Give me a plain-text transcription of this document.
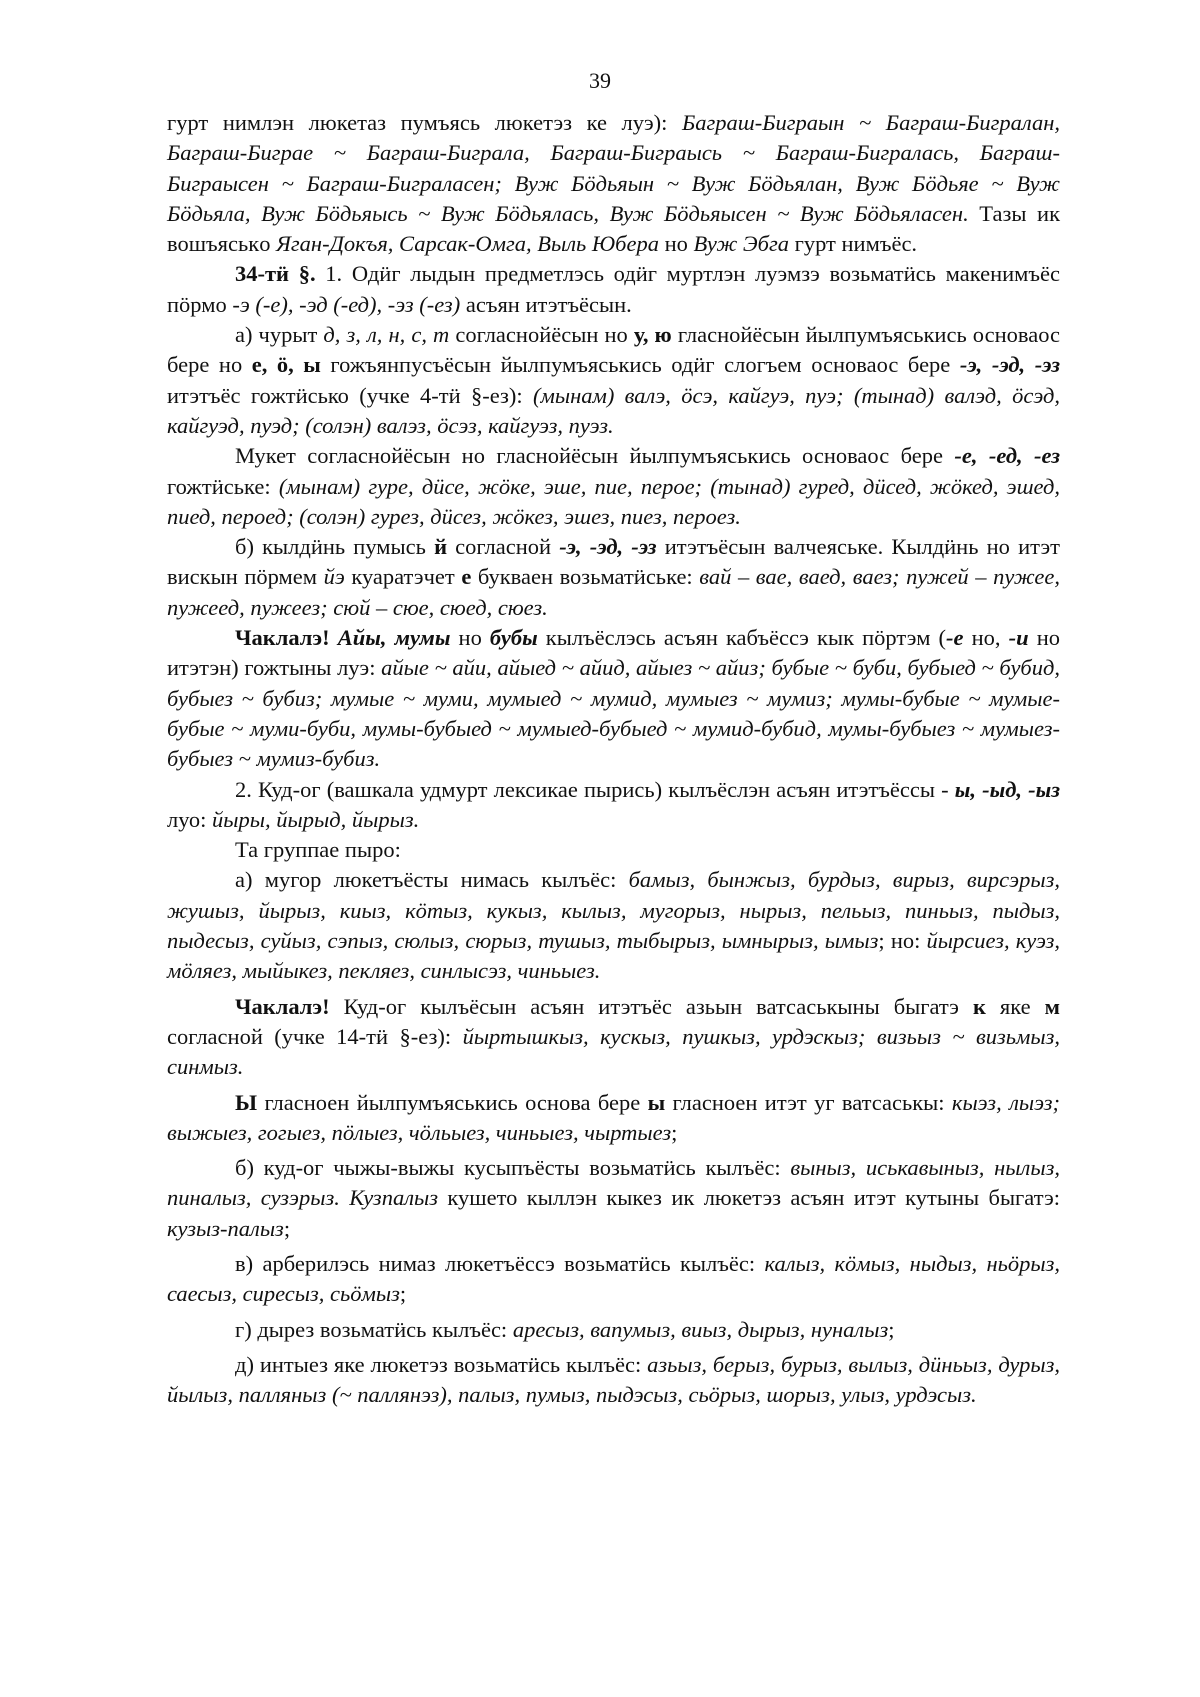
39

гурт нимлэн люкетаз пумъясь люкетэз ке луэ): Баграш-Биграын ~ Баграш-Бигралан, Баграш-Биграе ~ Баграш-Биграла, Баграш-Биграысь ~ Баграш-Бигралась, Баграш-Биграысен ~ Баграш-Бигралaсен; Вуж Бӧдьяын ~ Вуж Бӧдьялан, Вуж Бӧдьяе ~ Вуж Бӧдьяла, Вуж Бӧдьяысь ~ Вуж Бӧдьялась, Вуж Бӧдьяысен ~ Вуж Бӧдьяласен. Тазы ик вошъяськo Яган-Докъя, Сарсак-Омга, Выль Юбера но Вуж Эбга гурт нимъёс.

34-тӥ §. 1. Одӥг лыдын предметлэсь одӥг муртлэн луэмзэ возьматӥсь макенимъёс пӧрмо -э (-е), -эд (-ед), -эз (-ез) асъян итэтъёсын.

а) чурыт д, з, л, н, с, т согласнойёсын но у, ю гласнойёсын йылпумъяськись основаос бере но е, ӧ, ы гожъянпусъёсын йылпумъяськись одӥг слогъем основаос бере -э, -эд, -эз итэтъёс гожтӥсько (учке 4-тӥ §-ез): (мынам) валэ, ӧсэ, кайгуэ, пуэ; (тынад) валэд, ӧсэд, кайгуэд, пуэд; (солэн) валэз, ӧсэз, кайгуэз, пуэз.

Мукет согласнойёсын но гласнойёсын йылпумъяськись основаос бере -е, -ед, -ез гожтӥське: (мынам) гуре, дӥсе, жӧке, эше, пие, пероe; (тынад) гуред, дӥсед, жӧкед, эшед, пиед, пероед; (солэн) гурез, дӥсез, жӧкез, эшез, пиез, пероез.

б) кылдӥнь пумысь й согласной -э, -эд, -эз итэтъёсын валчеяське. Кылдӥнь но итэт вискын пӧрмем йэ куаратэчет е букваен возьматӥське: вай – вае, ваед, ваез; пужей – пужее, пужеед, пужеез; сюй – сюе, сюед, сюез.

Чаклалэ! Айы, мумы но бубы кылъёслэсь асъян кабъёссэ кык пӧртэм (-е но, -и но итэтэн) гожтыны луэ: айые ~ айи, айыед ~ айид, айыез ~ айиз; бубые ~ буби, бубыед ~ бубид, бубыез ~ бубиз; мумые ~ муми, мумыед ~ мумид, мумыез ~ мумиз; мумы-бубые ~ мумые-бубые ~ муми-буби, мумы-бубыед ~ мумыед-бубыед ~ мумид-бубид, мумы-бубыез ~ мумыез-бубыез ~ мумиз-бубиз.

2. Куд-ог (вашкала удмурт лексикае пырись) кылъёслэн асъян итэтъёссы - ы, -ыд, -ыз луо: йыры, йырыд, йырыз.

Та группае пыро:

а) мугор люкетъёсты нимась кылъёс: бамыз, бынжыз, бурдыз, вирыз, вирсэрыз, жушыз, йырыз, киыз, кӧтыз, кукыз, кылыз, мугорыз, нырыз, пельыз, пиньыз, пыдыз, пыдесыз, суйыз, сэпыз, сюлыз, сюрыз, тушыз, тыбырыз, ымнырыз, ымыз; но: йырсиез, куэз, мӧляез, мыйыкез, пекляез, синлысэз, чиньыез.

Чаклалэ! Куд-ог кылъёсын асъян итэтъёс азьын ватсаськыны быгатэ к яке м согласной (учке 14-тӥ §-ез): йыртышкыз, кускыз, пушкыз, урдэскыз; визьыз ~ визьмыз, синмыз.

Ы гласноен йылпумъяськись основа бере ы гласноен итэт уг ватсаськы: кыэз, лыэз; выжыез, гогыез, пӧлыез, чӧльыез, чиньыез, чыртыез;

б) куд-ог чыжы-выжы кусыпъёсты возьматӥсь кылъёс: выныз, иськавыныз, нылыз, пиналыз, сузэрыз. Кузпалыз кушето кыллэн кыкез ик люкетэз асъян итэт кутыны быгатэ: кузыз-палыз;

в) арберилэсь нимаз люкетъёссэ возьматӥсь кылъёс: калыз, кӧмыз, ныдыз, ньӧрыз, саесыз, сиресыз, сьӧмыз;

г) дырез возьматӥсь кылъёс: аресыз, вапумыз, виыз, дырыз, нуналыз;

д) интыез яке люкетэз возьматӥсь кылъёс: азьыз, берыз, бурыз, вылыз, дӥньыз, дурыз, йылыз, палляныз (~ паллянэз), палыз, пумыз, пыдэсыз, сьӧрыз, шорыз, улыз, урдэсыз.
